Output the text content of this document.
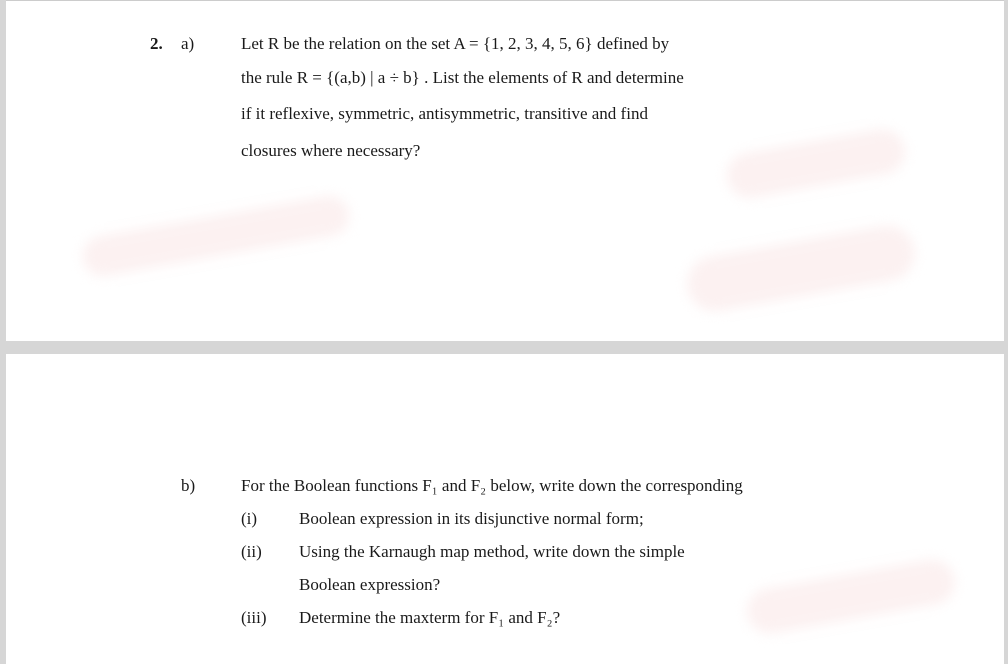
2. a)	Let R be the relation on the set A = {1, 2, 3, 4, 5, 6} defined by
the rule R = {(a,b) | a ÷ b} . List the elements of R and determine
if it reflexive, symmetric, antisymmetric, transitive and find
closures where necessary?
b)	For the Boolean functions F₁ and F₂ below, write down the corresponding
(i) Boolean expression in its disjunctive normal form;
(ii) Using the Karnaugh map method, write down the simple
Boolean expression?
(iii) Determine the maxterm for F₁ and F₂?
